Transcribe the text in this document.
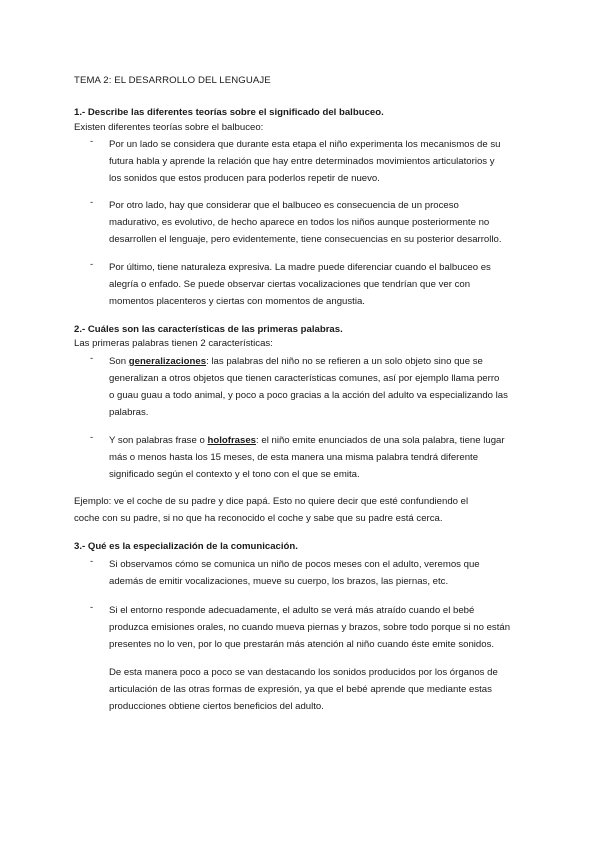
TEMA 2: EL DESARROLLO DEL LENGUAJE
1.- Describe las diferentes teorías sobre el significado del balbuceo.
Existen diferentes teorías sobre el balbuceo:
- Por un lado se considera que durante esta etapa el niño experimenta los mecanismos de su
futura habla y aprende la relación que hay entre determinados movimientos articulatorios y
los sonidos que estos producen para poderlos repetir de nuevo.
- Por otro lado, hay que considerar que el balbuceo es consecuencia de un proceso
madurativo, es evolutivo, de hecho aparece en todos los niños aunque posteriormente no
desarrollen el lenguaje, pero evidentemente, tiene consecuencias en su posterior desarrollo.
- Por último, tiene naturaleza expresiva. La madre puede diferenciar cuando el balbuceo es
alegría o enfado. Se puede observar ciertas vocalizaciones que tendrían que ver con
momentos placenteros y ciertas con momentos de angustia.
2.- Cuáles son las características de las primeras palabras.
Las primeras palabras tienen 2 características:
- Son generalizaciones: las palabras del niño no se refieren a un solo objeto sino que se
generalizan a otros objetos que tienen características comunes, así por ejemplo llama perro
o guau guau a todo animal, y poco a poco gracias a la acción del adulto va especializando las
palabras.
- Y son palabras frase o holofrases: el niño emite enunciados de una sola palabra, tiene lugar
más o menos hasta los 15 meses, de esta manera una misma palabra tendrá diferente
significado según el contexto y el tono con el que se emita.
Ejemplo: ve el coche de su padre y dice papá. Esto no quiere decir que esté confundiendo el
coche con su padre, si no que ha reconocido el coche y sabe que su padre está cerca.
3.- Qué es la especialización de la comunicación.
- Si observamos cómo se comunica un niño de pocos meses con el adulto, veremos que
además de emitir vocalizaciones, mueve su cuerpo, los brazos, las piernas, etc.
- Si el entorno responde adecuadamente, el adulto se verá más atraído cuando el bebé
produzca emisiones orales, no cuando mueva piernas y brazos, sobre todo porque si no están
presentes no lo ven, por lo que prestarán más atención al niño cuando éste emite sonidos.
De esta manera poco a poco se van destacando los sonidos producidos por los órganos de
articulación de las otras formas de expresión, ya que el bebé aprende que mediante estas
producciones obtiene ciertos beneficios del adulto.
